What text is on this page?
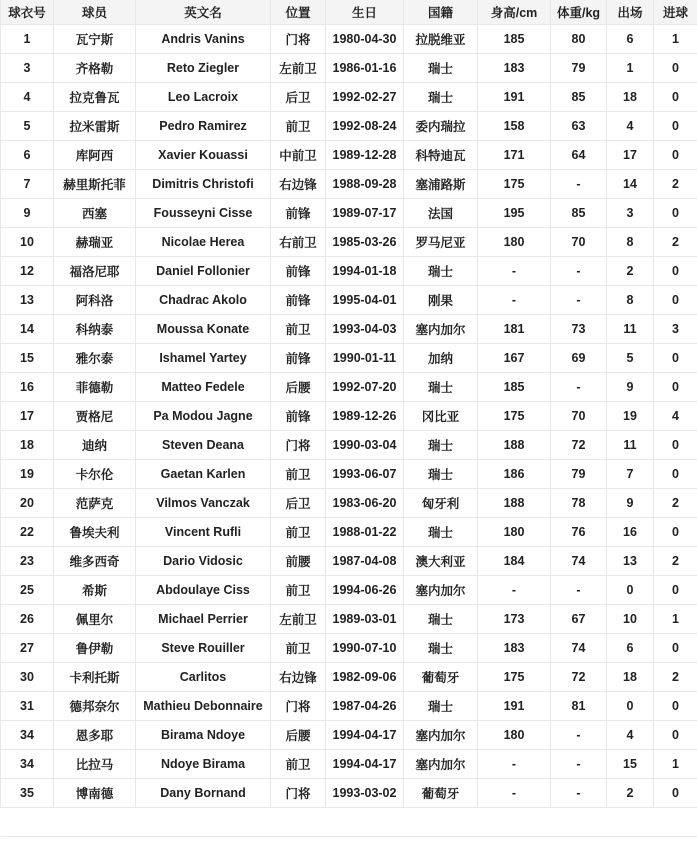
球衣号	球员	英文名	位置	生日	国籍	身高/cm	体重/kg	出场	进球
1	瓦宁斯	Andris Vanins	门将	1980-04-30	拉脱维亚	185	80	6	1
3	齐格勒	Reto Ziegler	左前卫	1986-01-16	瑞士	183	79	1	0
4	拉克鲁瓦	Leo Lacroix	后卫	1992-02-27	瑞士	191	85	18	0
5	拉米雷斯	Pedro Ramirez	前卫	1992-08-24	委内瑞拉	158	63	4	0
6	库阿西	Xavier Kouassi	中前卫	1989-12-28	科特迪瓦	171	64	17	0
7	赫里斯托菲	Dimitris Christofi	右边锋	1988-09-28	塞浦路斯	175	-	14	2
9	西塞	Fousseyni Cisse	前锋	1989-07-17	法国	195	85	3	0
10	赫瑞亚	Nicolae Herea	右前卫	1985-03-26	罗马尼亚	180	70	8	2
12	福洛尼耶	Daniel Follonier	前锋	1994-01-18	瑞士	-	-	2	0
13	阿科洛	Chadrac Akolo	前锋	1995-04-01	刚果	-	-	8	0
14	科纳泰	Moussa Konate	前卫	1993-04-03	塞内加尔	181	73	11	3
15	雅尔泰	Ishamel Yartey	前锋	1990-01-11	加纳	167	69	5	0
16	菲德勒	Matteo Fedele	后腰	1992-07-20	瑞士	185	-	9	0
17	贾格尼	Pa Modou Jagne	前锋	1989-12-26	冈比亚	175	70	19	4
18	迪纳	Steven Deana	门将	1990-03-04	瑞士	188	72	11	0
19	卡尔伦	Gaetan Karlen	前卫	1993-06-07	瑞士	186	79	7	0
20	范萨克	Vilmos Vanczak	后卫	1983-06-20	匈牙利	188	78	9	2
22	鲁埃夫利	Vincent Rufli	前卫	1988-01-22	瑞士	180	76	16	0
23	维多西奇	Dario Vidosic	前腰	1987-04-08	澳大利亚	184	74	13	2
25	希斯	Abdoulaye Ciss	前卫	1994-06-26	塞内加尔	-	-	0	0
26	佩里尔	Michael Perrier	左前卫	1989-03-01	瑞士	173	67	10	1
27	鲁伊勒	Steve Rouiller	前卫	1990-07-10	瑞士	183	74	6	0
30	卡利托斯	Carlitos	右边锋	1982-09-06	葡萄牙	175	72	18	2
31	德邦奈尔	Mathieu Debonnaire	门将	1987-04-26	瑞士	191	81	0	0
34	恩多耶	Birama Ndoye	后腰	1994-04-17	塞内加尔	180	-	4	0
34	比拉马	Ndoye Birama	前卫	1994-04-17	塞内加尔	-	-	15	1
35	博南德	Dany Bornand	门将	1993-03-02	葡萄牙	-	-	2	0
